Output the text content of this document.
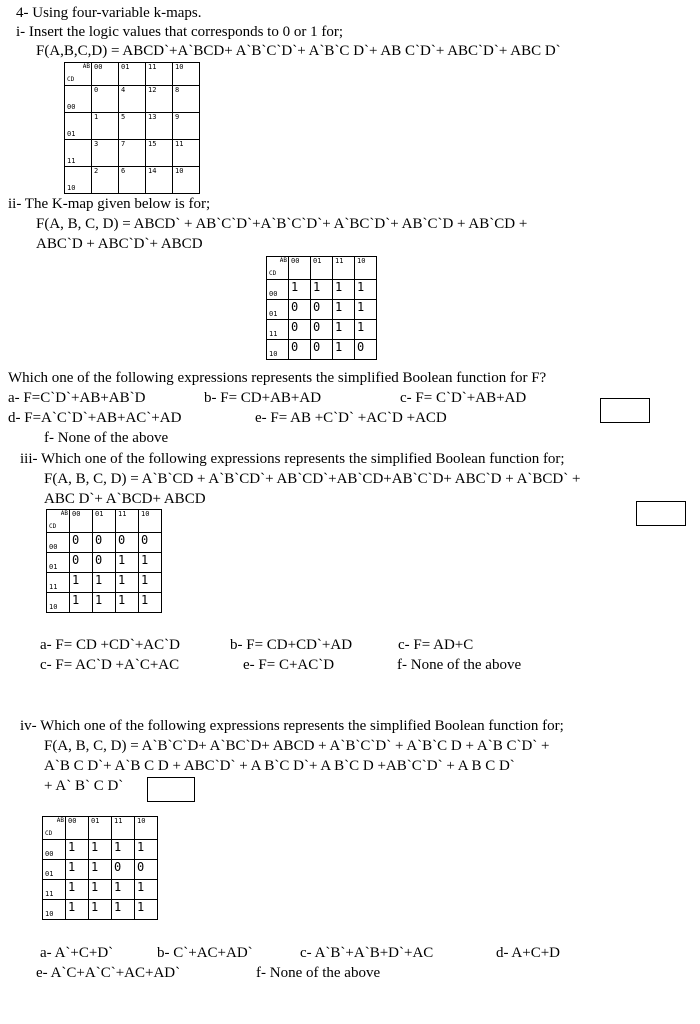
4- Using four-variable k-maps.
i- Insert the logic values that corresponds to 0 or 1 for;
F(A,B,C,D) = ABCD`+A`BCD+ A`B`C`D`+ A`B`C D`+ AB C`D`+ ABC`D`+ ABC D`
AB
CD	00	01	11	10
00	0	4	12	8
01	1	5	13	9
11	3	7	15	11
10	2	6	14	10
ii- The K-map given below is for;
F(A, B, C, D) = ABCD` + AB`C`D`+A`B`C`D`+ A`BC`D`+ AB`C`D + AB`CD +
ABC`D + ABC`D`+ ABCD
AB
CD	00	01	11	10
00	1	1	1	1
01	0	0	1	1
11	0	0	1	1
10	0	0	1	0
Which one of the following expressions represents the simplified Boolean function for F?
a- F=C`D`+AB+AB`D	b- F= CD+AB+AD	c- F= C`D`+AB+AD
d- F=A`C`D`+AB+AC`+AD	e- F= AB +C`D` +AC`D +ACD
f- None of the above
iii- Which one of the following expressions represents the simplified Boolean function for;
F(A, B, C, D) = A`B`CD + A`B`CD`+ AB`CD`+AB`CD+AB`C`D+ ABC`D + A`BCD` +
ABC D`+ A`BCD+ ABCD
AB
CD	00	01	11	10
00	0	0	0	0
01	0	0	1	1
11	1	1	1	1
10	1	1	1	1
a- F= CD +CD`+AC`D	b- F= CD+CD`+AD	c- F= AD+C
c- F= AC`D +A`C+AC	e- F= C+AC`D	f- None of the above
iv- Which one of the following expressions represents the simplified Boolean function for;
F(A, B, C, D) = A`B`C`D+ A`BC`D+ ABCD + A`B`C`D` + A`B`C D + A`B C`D` +
A`B C D`+ A`B C D + ABC`D` + A B`C D`+ A B`C D +AB`C`D` + A B C D`
+ A` B` C D`
AB
CD	00	01	11	10
00	1	1	1	1
01	1	1	0	0
11	1	1	1	1
10	1	1	1	1
a- A`+C+D`	b- C`+AC+AD`	c- A`B`+A`B+D`+AC	d- A+C+D
e- A`C+A`C`+AC+AD`	f- None of the above
